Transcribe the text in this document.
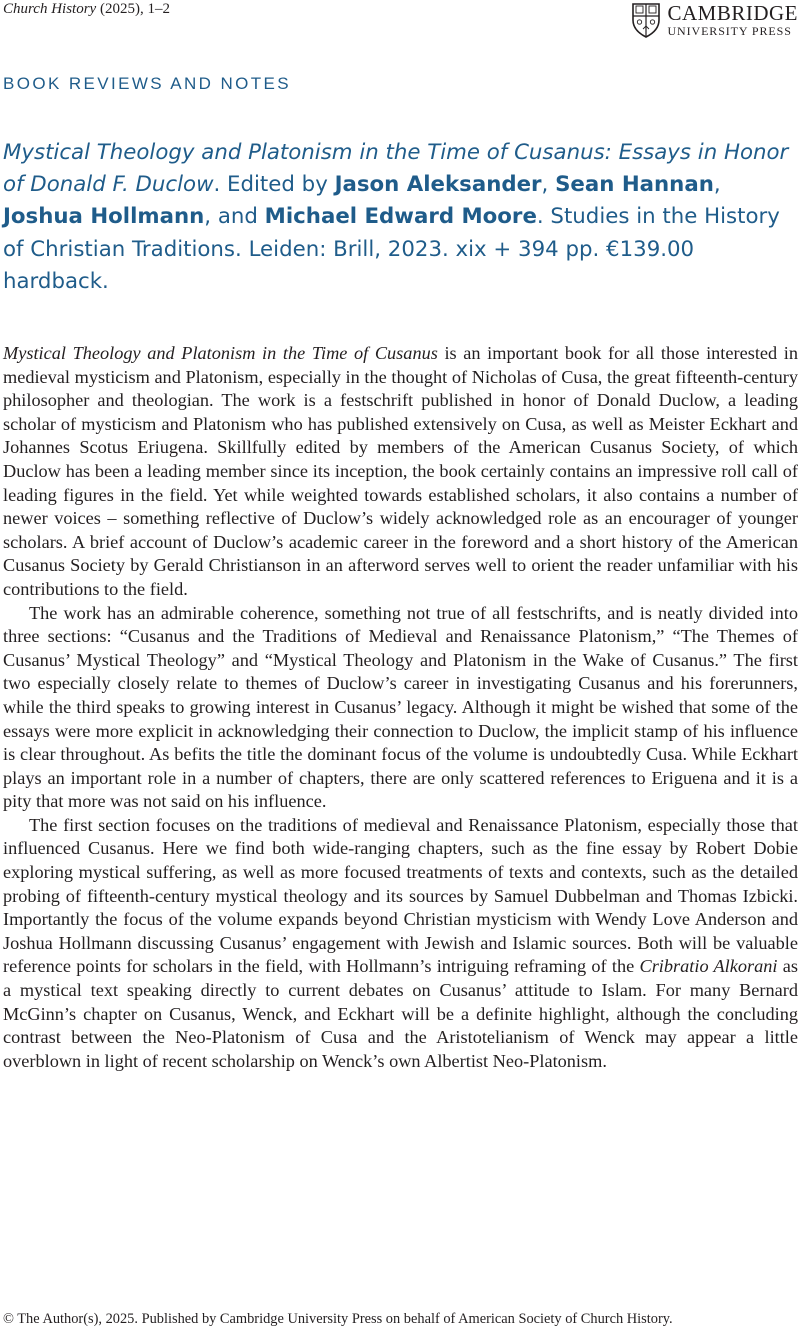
Church History (2025), 1–2	CAMBRIDGE
UNIVERSITY PRESS
BOOK REVIEWS AND NOTES
Mystical Theology and Platonism in the Time of Cusanus: Essays in Honor of Donald F. Duclow. Edited by Jason Aleksander, Sean Hannan, Joshua Hollmann, and Michael Edward Moore. Studies in the History of Christian Traditions. Leiden: Brill, 2023. xix + 394 pp. €139.00 hardback.

Mystical Theology and Platonism in the Time of Cusanus is an important book for all those interested in medieval mysticism and Platonism, especially in the thought of Nicholas of Cusa, the great fifteenth-century philosopher and theologian. The work is a festschrift published in honor of Donald Duclow, a leading scholar of mysticism and Platonism who has published extensively on Cusa, as well as Meister Eckhart and Johannes Scotus Eriugena. Skillfully edited by members of the American Cusanus Society, of which Duclow has been a leading member since its inception, the book certainly contains an impressive roll call of leading figures in the field. Yet while weighted towards established scholars, it also contains a number of newer voices – something reflective of Duclow’s widely acknowledged role as an encourager of younger scholars. A brief account of Duclow’s academic career in the foreword and a short history of the American Cusanus Society by Gerald Christianson in an afterword serves well to orient the reader unfamiliar with his contributions to the field.

The work has an admirable coherence, something not true of all festschrifts, and is neatly divided into three sections: “Cusanus and the Traditions of Medieval and Renaissance Platonism,” “The Themes of Cusanus’ Mystical Theology” and “Mystical Theology and Platonism in the Wake of Cusanus.” The first two especially closely relate to themes of Duclow’s career in investigating Cusanus and his forerunners, while the third speaks to growing interest in Cusanus’ legacy. Although it might be wished that some of the essays were more explicit in acknowledging their connection to Duclow, the implicit stamp of his influence is clear throughout. As befits the title the dominant focus of the volume is undoubtedly Cusa. While Eckhart plays an important role in a number of chapters, there are only scattered references to Eriguena and it is a pity that more was not said on his influence.

The first section focuses on the traditions of medieval and Renaissance Platonism, especially those that influenced Cusanus. Here we find both wide-ranging chapters, such as the fine essay by Robert Dobie exploring mystical suffering, as well as more focused treatments of texts and contexts, such as the detailed probing of fifteenth-century mystical theology and its sources by Samuel Dubbelman and Thomas Izbicki. Importantly the focus of the volume expands beyond Christian mysticism with Wendy Love Anderson and Joshua Hollmann discussing Cusanus’ engagement with Jewish and Islamic sources. Both will be valuable reference points for scholars in the field, with Hollmann’s intriguing reframing of the Cribratio Alkorani as a mystical text speaking directly to current debates on Cusanus’ attitude to Islam. For many Bernard McGinn’s chapter on Cusanus, Wenck, and Eckhart will be a definite highlight, although the concluding contrast between the Neo-Platonism of Cusa and the Aristotelianism of Wenck may appear a little overblown in light of recent scholarship on Wenck’s own Albertist Neo-Platonism.

© The Author(s), 2025. Published by Cambridge University Press on behalf of American Society of Church History.
